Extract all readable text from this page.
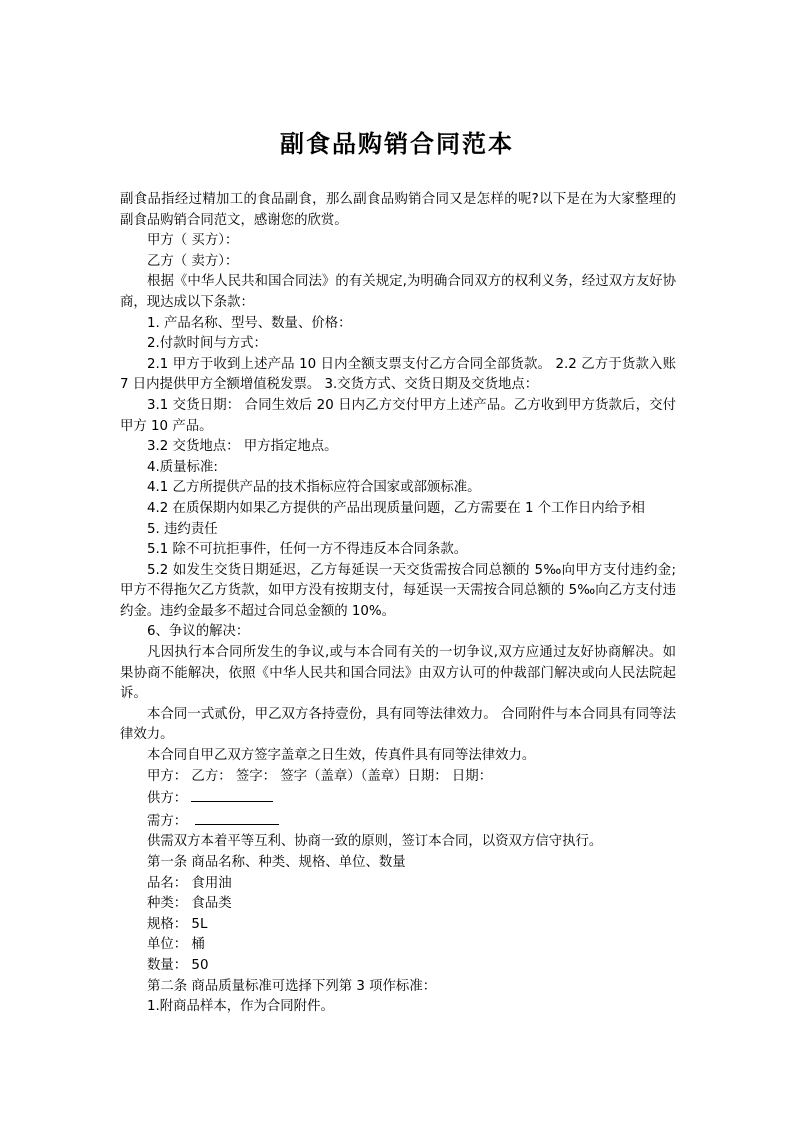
副食品购销合同范本

副食品指经过精加工的食品副食，那么副食品购销合同又是怎样的呢?以下是在为大家整理的副食品购销合同范文，感谢您的欣赏。

甲方（ 买方）：

乙方（ 卖方）：

根据《中华人民共和国合同法》的有关规定,为明确合同双方的权利义务，经过双方友好协商，现达成以下条款：

1. 产品名称、型号、数量、价格：

2.付款时间与方式：

2.1 甲方于收到上述产品 10 日内全额支票支付乙方合同全部货款。 2.2 乙方于货款入账 7 日内提供甲方全额增值税发票。 3.交货方式、交货日期及交货地点：

3.1 交货日期： 合同生效后 20 日内乙方交付甲方上述产品。乙方收到甲方货款后，交付甲方 10 产品。

3.2 交货地点： 甲方指定地点。

4.质量标准:

4.1 乙方所提供产品的技术指标应符合国家或部颁标准。

4.2 在质保期内如果乙方提供的产品出现质量问题，乙方需要在 1 个工作日内给予相

5. 违约责任

5.1 除不可抗拒事件，任何一方不得违反本合同条款。

5.2 如发生交货日期延迟，乙方每延误一天交货需按合同总额的 5‰向甲方支付违约金;甲方不得拖欠乙方货款，如甲方没有按期支付，每延误一天需按合同总额的 5‰向乙方支付违约金。违约金最多不超过合同总金额的 10%。

6、争议的解决：

凡因执行本合同所发生的争议,或与本合同有关的一切争议,双方应通过友好协商解决。如果协商不能解决，依照《中华人民共和国合同法》由双方认可的仲裁部门解决或向人民法院起诉。

本合同一式贰份，甲乙双方各持壹份，具有同等法律效力。 合同附件与本合同具有同等法律效力。

本合同自甲乙双方签字盖章之日生效，传真件具有同等法律效力。

甲方： 乙方： 签字： 签字（盖章）（盖章）日期： 日期：

供方：

需方：

供需双方本着平等互利、协商一致的原则，签订本合同，以资双方信守执行。

第一条 商品名称、种类、规格、单位、数量

品名： 食用油

种类： 食品类

规格： 5L

单位： 桶

数量： 50

第二条 商品质量标准可选择下列第 3 项作标准：

1.附商品样本，作为合同附件。
